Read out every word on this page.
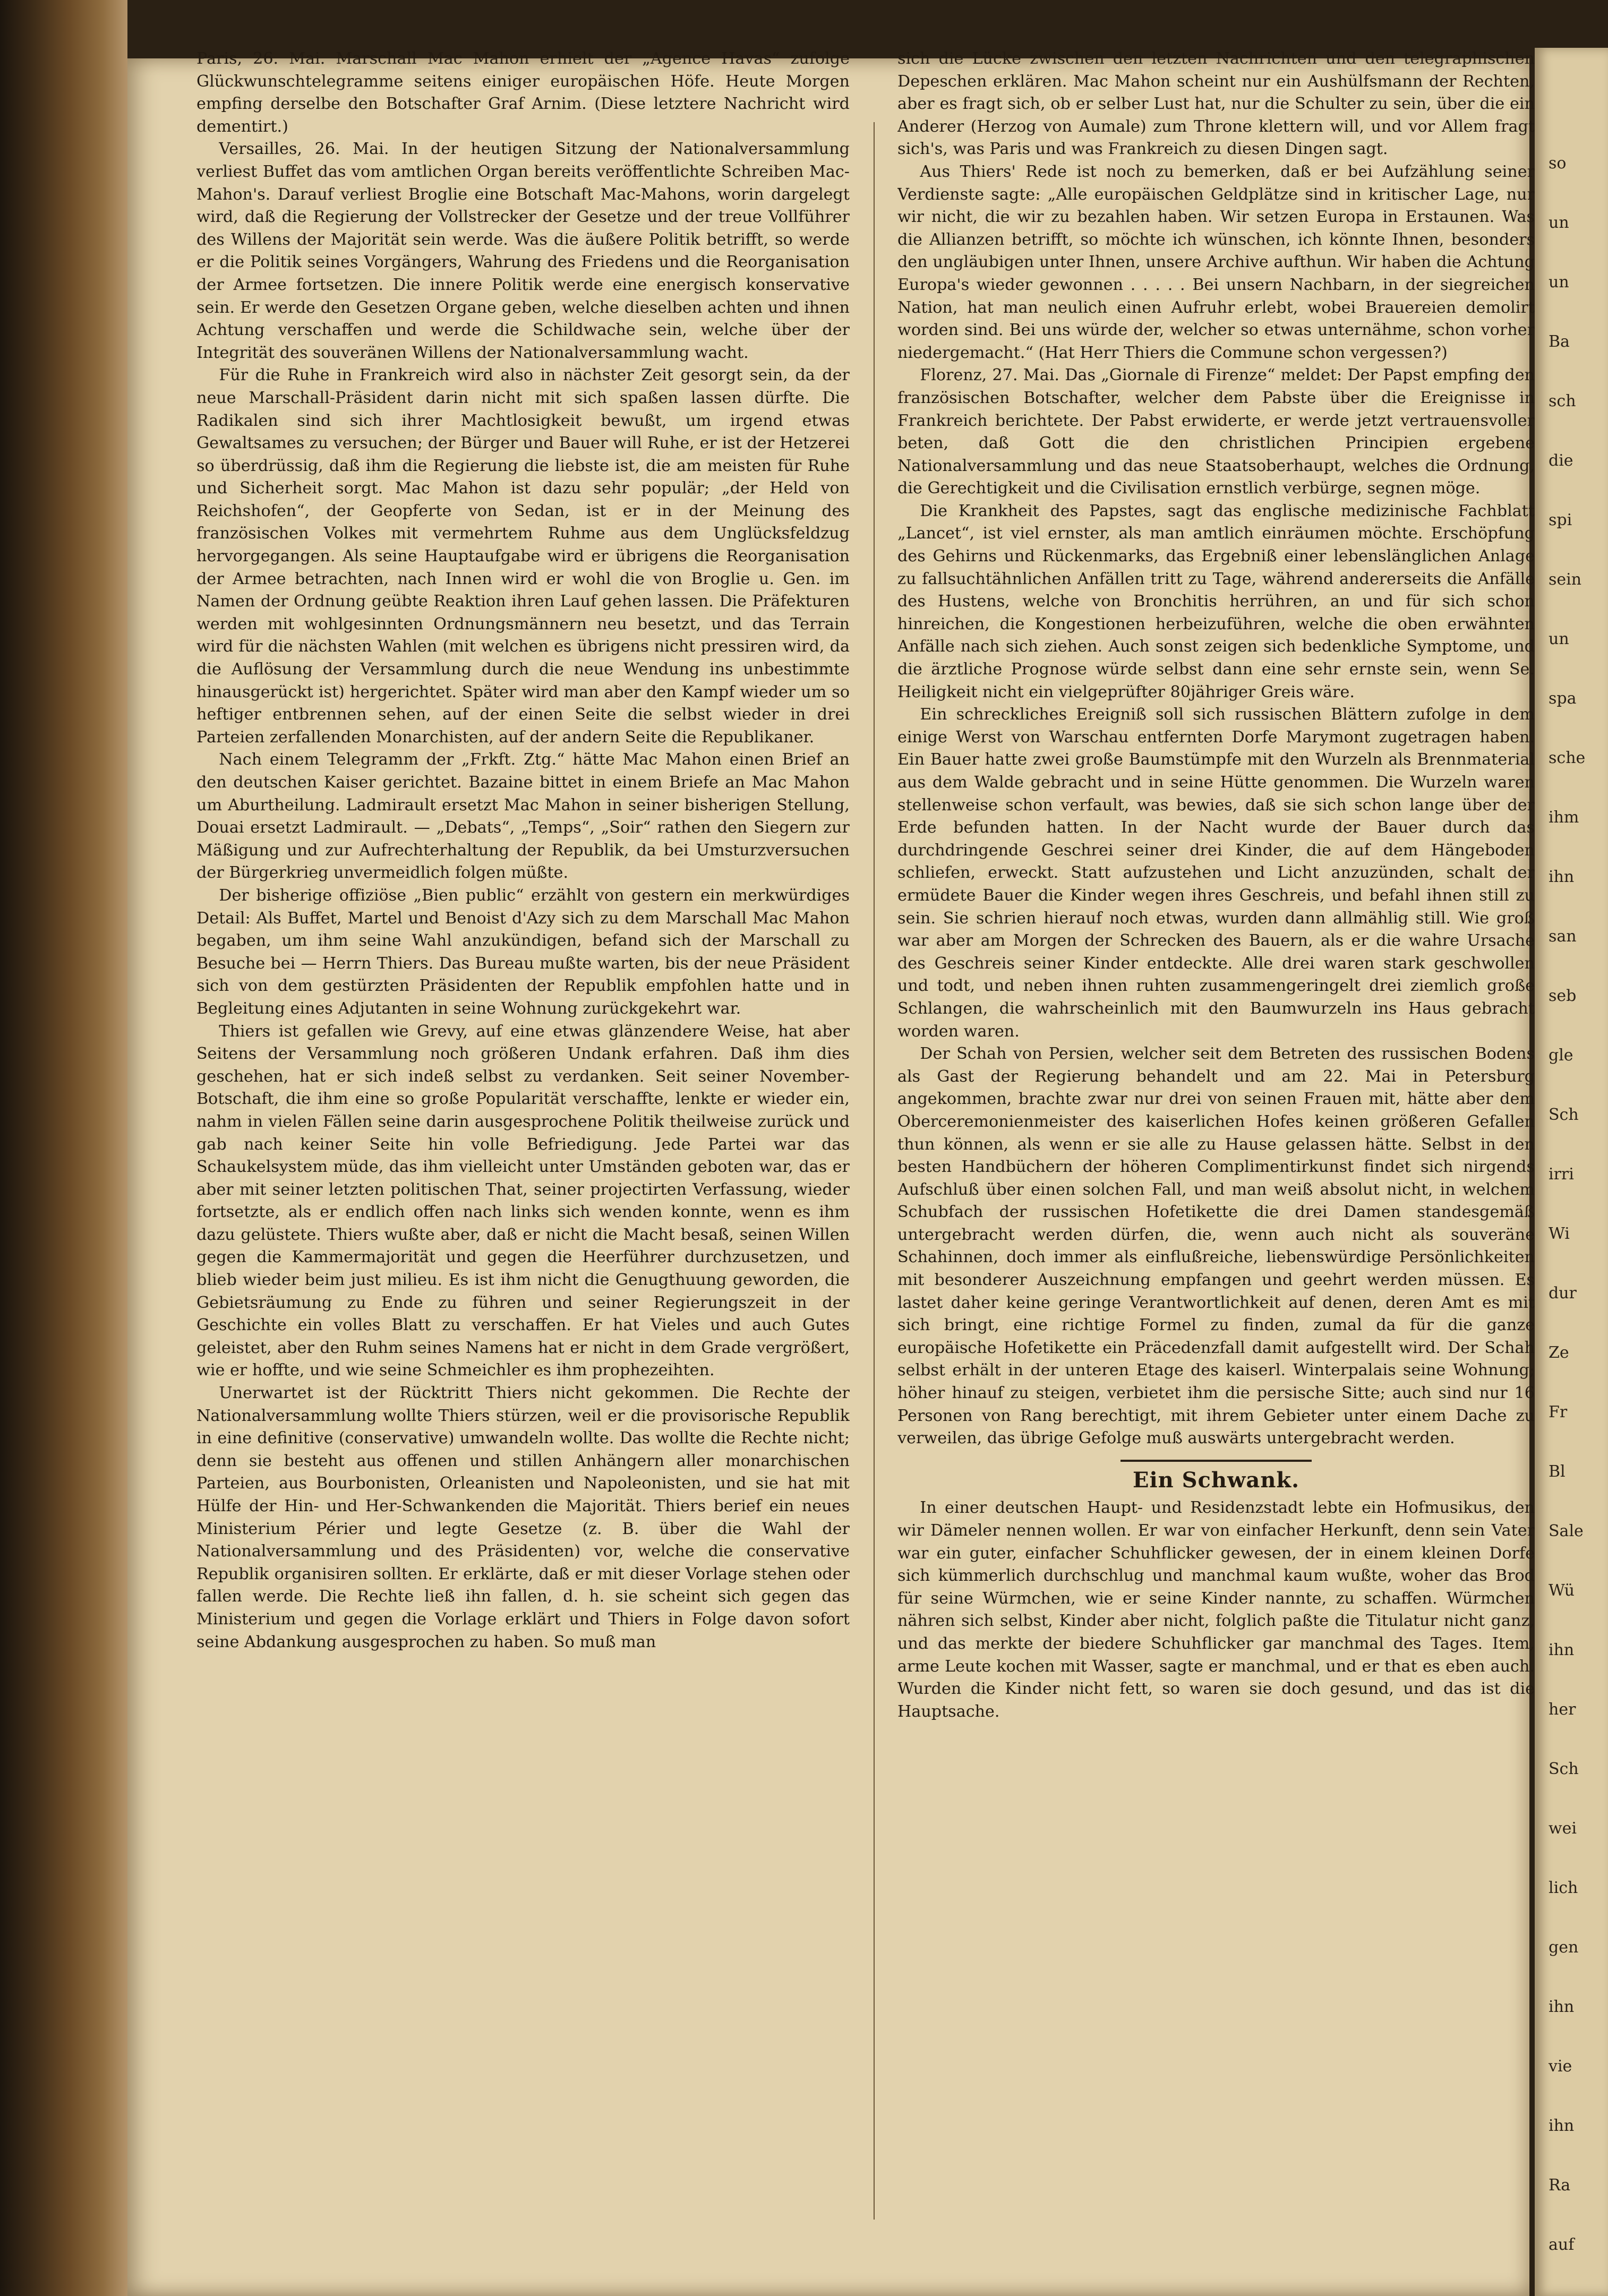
Paris, 26. Mai. Marschall Mac Mahon erhielt der „Agence Havas“ zufolge Glückwunschtelegramme seitens einiger europäischen Höfe. Heute Morgen empfing derselbe den Botschafter Graf Arnim. (Diese letztere Nachricht wird dementirt.)

Versailles, 26. Mai. In der heutigen Sitzung der Nationalversammlung verliest Buffet das vom amtlichen Organ bereits veröffentlichte Schreiben Mac-Mahon's. Darauf verliest Broglie eine Botschaft Mac-Mahons, worin dargelegt wird, daß die Regierung der Vollstrecker der Gesetze und der treue Vollführer des Willens der Majorität sein werde. Was die äußere Politik betrifft, so werde er die Politik seines Vorgängers, Wahrung des Friedens und die Reorganisation der Armee fortsetzen. Die innere Politik werde eine energisch konservative sein. Er werde den Gesetzen Organe geben, welche dieselben achten und ihnen Achtung verschaffen und werde die Schildwache sein, welche über der Integrität des souveränen Willens der Nationalversammlung wacht.

Für die Ruhe in Frankreich wird also in nächster Zeit gesorgt sein, da der neue Marschall-Präsident darin nicht mit sich spaßen lassen dürfte. Die Radikalen sind sich ihrer Machtlosigkeit bewußt, um irgend etwas Gewaltsames zu versuchen; der Bürger und Bauer will Ruhe, er ist der Hetzerei so überdrüssig, daß ihm die Regierung die liebste ist, die am meisten für Ruhe und Sicherheit sorgt. Mac Mahon ist dazu sehr populär; „der Held von Reichshofen“, der Geopferte von Sedan, ist er in der Meinung des französischen Volkes mit vermehrtem Ruhme aus dem Unglücksfeldzug hervorgegangen. Als seine Hauptaufgabe wird er übrigens die Reorganisation der Armee betrachten, nach Innen wird er wohl die von Broglie u. Gen. im Namen der Ordnung geübte Reaktion ihren Lauf gehen lassen. Die Präfekturen werden mit wohlgesinnten Ordnungsmännern neu besetzt, und das Terrain wird für die nächsten Wahlen (mit welchen es übrigens nicht pressiren wird, da die Auflösung der Versammlung durch die neue Wendung ins unbestimmte hinausgerückt ist) hergerichtet. Später wird man aber den Kampf wieder um so heftiger entbrennen sehen, auf der einen Seite die selbst wieder in drei Parteien zerfallenden Monarchisten, auf der andern Seite die Republikaner.

Nach einem Telegramm der „Frkft. Ztg.“ hätte Mac Mahon einen Brief an den deutschen Kaiser gerichtet. Bazaine bittet in einem Briefe an Mac Mahon um Aburtheilung. Ladmirault ersetzt Mac Mahon in seiner bisherigen Stellung, Douai ersetzt Ladmirault. — „Debats“, „Temps“, „Soir“ rathen den Siegern zur Mäßigung und zur Aufrechterhaltung der Republik, da bei Umsturzversuchen der Bürgerkrieg unvermeidlich folgen müßte.

Der bisherige offiziöse „Bien public“ erzählt von gestern ein merkwürdiges Detail: Als Buffet, Martel und Benoist d'Azy sich zu dem Marschall Mac Mahon begaben, um ihm seine Wahl anzukündigen, befand sich der Marschall zu Besuche bei — Herrn Thiers. Das Bureau mußte warten, bis der neue Präsident sich von dem gestürzten Präsidenten der Republik empfohlen hatte und in Begleitung eines Adjutanten in seine Wohnung zurückgekehrt war.

Thiers ist gefallen wie Grevy, auf eine etwas glänzendere Weise, hat aber Seitens der Versammlung noch größeren Undank erfahren. Daß ihm dies geschehen, hat er sich indeß selbst zu verdanken. Seit seiner November-Botschaft, die ihm eine so große Popularität verschaffte, lenkte er wieder ein, nahm in vielen Fällen seine darin ausgesprochene Politik theilweise zurück und gab nach keiner Seite hin volle Befriedigung. Jede Partei war das Schaukelsystem müde, das ihm vielleicht unter Umständen geboten war, das er aber mit seiner letzten politischen That, seiner projectirten Verfassung, wieder fortsetzte, als er endlich offen nach links sich wenden konnte, wenn es ihm dazu gelüstete. Thiers wußte aber, daß er nicht die Macht besaß, seinen Willen gegen die Kammermajorität und gegen die Heerführer durchzusetzen, und blieb wieder beim just milieu. Es ist ihm nicht die Genugthuung geworden, die Gebietsräumung zu Ende zu führen und seiner Regierungszeit in der Geschichte ein volles Blatt zu verschaffen. Er hat Vieles und auch Gutes geleistet, aber den Ruhm seines Namens hat er nicht in dem Grade vergrößert, wie er hoffte, und wie seine Schmeichler es ihm prophezeihten.

Unerwartet ist der Rücktritt Thiers nicht gekommen. Die Rechte der Nationalversammlung wollte Thiers stürzen, weil er die provisorische Republik in eine definitive (conservative) umwandeln wollte. Das wollte die Rechte nicht; denn sie besteht aus offenen und stillen Anhängern aller monarchischen Parteien, aus Bourbonisten, Orleanisten und Napoleonisten, und sie hat mit Hülfe der Hin- und Her-Schwankenden die Majorität. Thiers berief ein neues Ministerium Périer und legte Gesetze (z. B. über die Wahl der Nationalversammlung und des Präsidenten) vor, welche die conservative Republik organisiren sollten. Er erklärte, daß er mit dieser Vorlage stehen oder fallen werde. Die Rechte ließ ihn fallen, d. h. sie scheint sich gegen das Ministerium und gegen die Vorlage erklärt und Thiers in Folge davon sofort seine Abdankung ausgesprochen zu haben. So muß man

sich die Lücke zwischen den letzten Nachrichten und den telegraphischen Depeschen erklären. Mac Mahon scheint nur ein Aushülfsmann der Rechten, aber es fragt sich, ob er selber Lust hat, nur die Schulter zu sein, über die ein Anderer (Herzog von Aumale) zum Throne klettern will, und vor Allem fragt sich's, was Paris und was Frankreich zu diesen Dingen sagt.

Aus Thiers' Rede ist noch zu bemerken, daß er bei Aufzählung seiner Verdienste sagte: „Alle europäischen Geldplätze sind in kritischer Lage, nur wir nicht, die wir zu bezahlen haben. Wir setzen Europa in Erstaunen. Was die Allianzen betrifft, so möchte ich wünschen, ich könnte Ihnen, besonders den ungläubigen unter Ihnen, unsere Archive aufthun. Wir haben die Achtung Europa's wieder gewonnen . . . . . Bei unsern Nachbarn, in der siegreichen Nation, hat man neulich einen Aufruhr erlebt, wobei Brauereien demolirt worden sind. Bei uns würde der, welcher so etwas unternähme, schon vorher niedergemacht.“ (Hat Herr Thiers die Commune schon vergessen?)

Florenz, 27. Mai. Das „Giornale di Firenze“ meldet: Der Papst empfing den französischen Botschafter, welcher dem Pabste über die Ereignisse in Frankreich berichtete. Der Pabst erwiderte, er werde jetzt vertrauensvoller beten, daß Gott die den christlichen Principien ergebene Nationalversammlung und das neue Staatsoberhaupt, welches die Ordnung, die Gerechtigkeit und die Civilisation ernstlich verbürge, segnen möge.

Die Krankheit des Papstes, sagt das englische medizinische Fachblatt „Lancet“, ist viel ernster, als man amtlich einräumen möchte. Erschöpfung des Gehirns und Rückenmarks, das Ergebniß einer lebenslänglichen Anlage zu fallsuchtähnlichen Anfällen tritt zu Tage, während andererseits die Anfälle des Hustens, welche von Bronchitis herrühren, an und für sich schon hinreichen, die Kongestionen herbeizuführen, welche die oben erwähnten Anfälle nach sich ziehen. Auch sonst zeigen sich bedenkliche Symptome, und die ärztliche Prognose würde selbst dann eine sehr ernste sein, wenn Se. Heiligkeit nicht ein vielgeprüfter 80jähriger Greis wäre.

Ein schreckliches Ereigniß soll sich russischen Blättern zufolge in dem einige Werst von Warschau entfernten Dorfe Marymont zugetragen haben. Ein Bauer hatte zwei große Baumstümpfe mit den Wurzeln als Brennmaterial aus dem Walde gebracht und in seine Hütte genommen. Die Wurzeln waren stellenweise schon verfault, was bewies, daß sie sich schon lange über der Erde befunden hatten. In der Nacht wurde der Bauer durch das durchdringende Geschrei seiner drei Kinder, die auf dem Hängeboden schliefen, erweckt. Statt aufzustehen und Licht anzuzünden, schalt der ermüdete Bauer die Kinder wegen ihres Geschreis, und befahl ihnen still zu sein. Sie schrien hierauf noch etwas, wurden dann allmählig still. Wie groß war aber am Morgen der Schrecken des Bauern, als er die wahre Ursache des Geschreis seiner Kinder entdeckte. Alle drei waren stark geschwollen und todt, und neben ihnen ruhten zusammengeringelt drei ziemlich große Schlangen, die wahrscheinlich mit den Baumwurzeln ins Haus gebracht worden waren.

Der Schah von Persien, welcher seit dem Betreten des russischen Bodens als Gast der Regierung behandelt und am 22. Mai in Petersburg angekommen, brachte zwar nur drei von seinen Frauen mit, hätte aber dem Oberceremonienmeister des kaiserlichen Hofes keinen größeren Gefallen thun können, als wenn er sie alle zu Hause gelassen hätte. Selbst in den besten Handbüchern der höheren Complimentirkunst findet sich nirgends Aufschluß über einen solchen Fall, und man weiß absolut nicht, in welchem Schubfach der russischen Hofetikette die drei Damen standesgemäß untergebracht werden dürfen, die, wenn auch nicht als souveräne Schahinnen, doch immer als einflußreiche, liebenswürdige Persönlichkeiten mit besonderer Auszeichnung empfangen und geehrt werden müssen. Es lastet daher keine geringe Verantwortlichkeit auf denen, deren Amt es mit sich bringt, eine richtige Formel zu finden, zumal da für die ganze europäische Hofetikette ein Präcedenzfall damit aufgestellt wird. Der Schah selbst erhält in der unteren Etage des kaiserl. Winterpalais seine Wohnung; höher hinauf zu steigen, verbietet ihm die persische Sitte; auch sind nur 16 Personen von Rang berechtigt, mit ihrem Gebieter unter einem Dache zu verweilen, das übrige Gefolge muß auswärts untergebracht werden.

Ein Schwank.

In einer deutschen Haupt- und Residenzstadt lebte ein Hofmusikus, den wir Dämeler nennen wollen. Er war von einfacher Herkunft, denn sein Vater war ein guter, einfacher Schuhflicker gewesen, der in einem kleinen Dorfe sich kümmerlich durchschlug und manchmal kaum wußte, woher das Brod für seine Würmchen, wie er seine Kinder nannte, zu schaffen. Würmchen nähren sich selbst, Kinder aber nicht, folglich paßte die Titulatur nicht ganz, und das merkte der biedere Schuhflicker gar manchmal des Tages. Item, arme Leute kochen mit Wasser, sagte er manchmal, und er that es eben auch. Wurden die Kinder nicht fett, so waren sie doch gesund, und das ist die Hauptsache.

so
un
un
Ba
sch
die
spi
sein
un
spa
sche
ihm
ihn
san
seb
gle
Sch
irri
Wi
dur
Ze
Fr
Bl
Sale
Wü
ihn
her
Sch
wei
lich
gen
ihn
vie
ihn
Ra
auf
